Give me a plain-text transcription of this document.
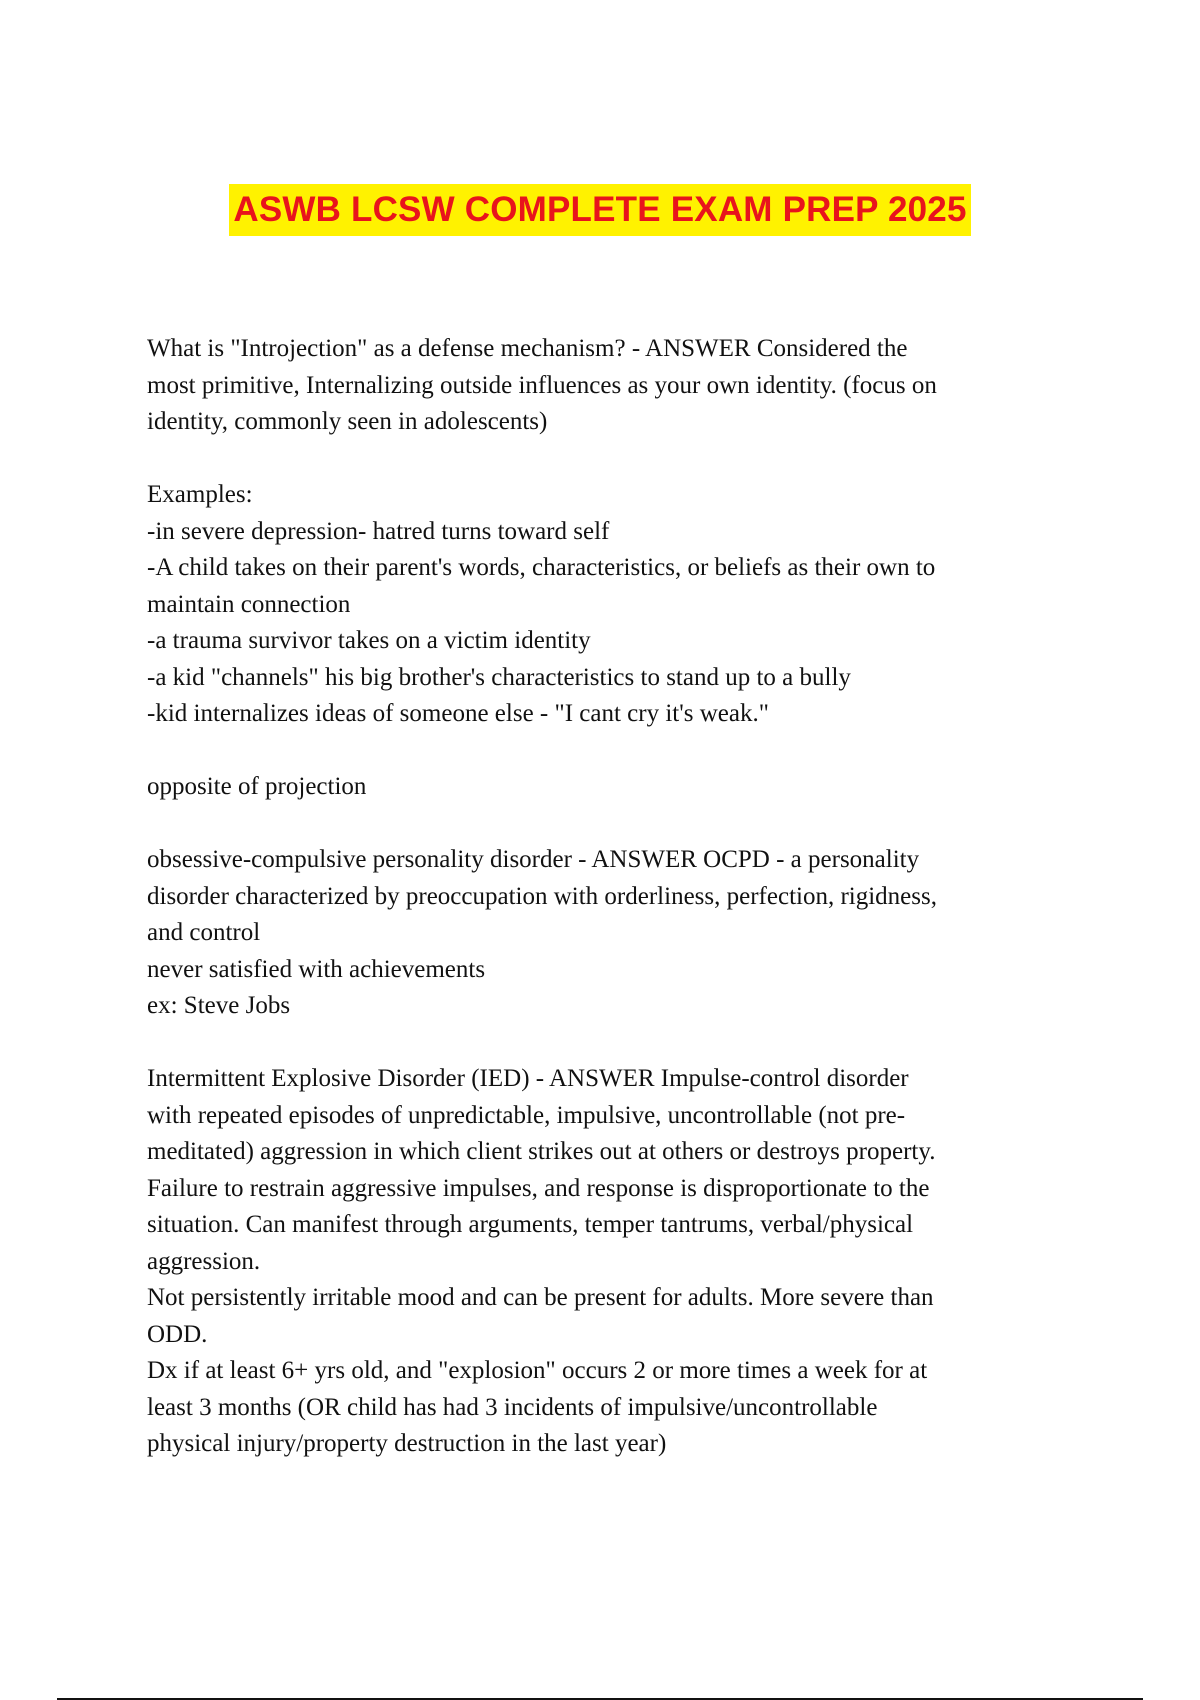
ASWB LCSW COMPLETE EXAM PREP 2025

What is "Introjection" as a defense mechanism? - ANSWER Considered the

most primitive, Internalizing outside influences as your own identity. (focus on

identity, commonly seen in adolescents)

Examples:

-in severe depression- hatred turns toward self

-A child takes on their parent's words, characteristics, or beliefs as their own to

maintain connection

-a trauma survivor takes on a victim identity

-a kid "channels" his big brother's characteristics to stand up to a bully

-kid internalizes ideas of someone else - "I cant cry it's weak."

opposite of projection

obsessive-compulsive personality disorder - ANSWER OCPD - a personality

disorder characterized by preoccupation with orderliness, perfection, rigidness,

and control

never satisfied with achievements

ex: Steve Jobs

Intermittent Explosive Disorder (IED) - ANSWER Impulse-control disorder

with repeated episodes of unpredictable, impulsive, uncontrollable (not pre-

meditated) aggression in which client strikes out at others or destroys property.

Failure to restrain aggressive impulses, and response is disproportionate to the

situation. Can manifest through arguments, temper tantrums, verbal/physical

aggression.

Not persistently irritable mood and can be present for adults. More severe than

ODD.

Dx if at least 6+ yrs old, and "explosion" occurs 2 or more times a week for at

least 3 months (OR child has had 3 incidents of impulsive/uncontrollable

physical injury/property destruction in the last year)
